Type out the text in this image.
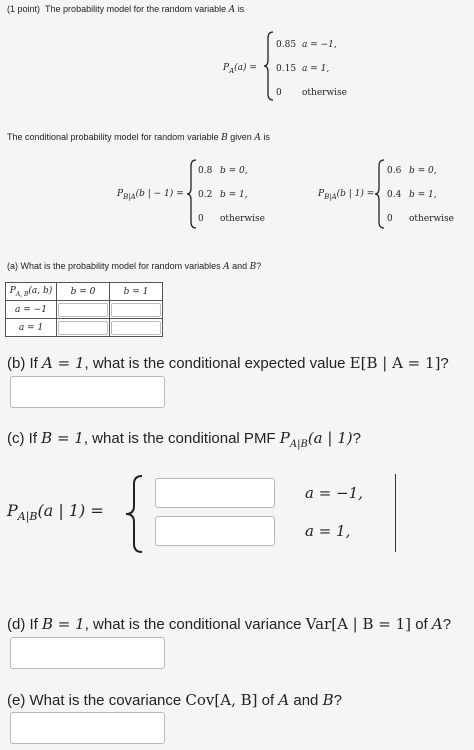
(1 point) The probability model for the random variable A is
$P_A(a)$ =
0.85 a = −1,
0.15 a = 1,
0 otherwise
The conditional probability model for random variable B given A is
$P_{B|A}(b$ | − 1) =
0.8 b = 0,
0.2 b = 1,
0 otherwise
$P_{B|A}(b$ | 1) =
0.6 b = 0,
0.4 b = 1,
0 otherwise
(a) What is the probability model for random variables A and B?
$P_{A, B}(a$, b)	b = 0	b = 1
a = −1	

a = 1	

(b) If A = 1, what is the conditional expected value E[B | A = 1]?
(c) If B = 1, what is the conditional PMF $P_{A|B}(a$ | 1)?
$P_{A|B}(a$ | 1) =
a = −1,
a = 1,
(d) If B = 1, what is the conditional variance Var[A | B = 1] of A?
(e) What is the covariance Cov[A, B] of A and B?
